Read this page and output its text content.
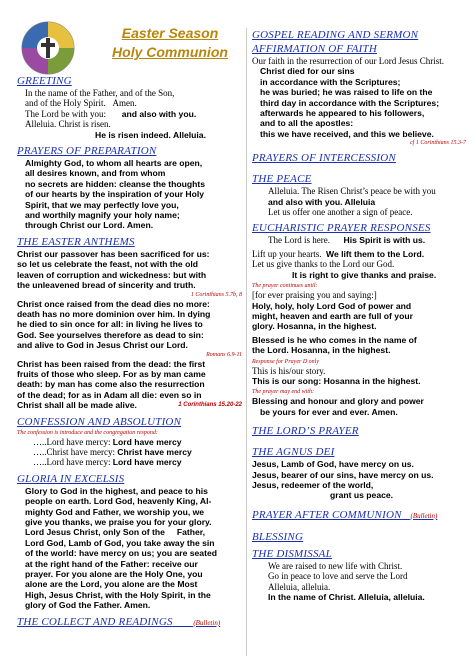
Easter Season
Holy Communion
GREETING
In the name of the Father, and of the Son,
and of the Holy Spirit. Amen.
The Lord be with you: and also with you.
Alleluia. Christ is risen.
He is risen indeed. Alleluia.
PRAYERS OF PREPARATION
Almighty God, to whom all hearts are open,
all desires known, and from whom
no secrets are hidden: cleanse the thoughts
of our hearts by the inspiration of your Holy
Spirit, that we may perfectly love you,
and worthily magnify your holy name;
through Christ our Lord. Amen.
THE EASTER ANTHEMS
Christ our passover has been sacrificed for us:
so let us celebrate the feast, not with the old
leaven of corruption and wickedness: but with
the unleavened bread of sincerity and truth.
1 Corinthians 5.7b, 8
Christ once raised from the dead dies no more:
death has no more dominion over him. In dying
he died to sin once for all: in living he lives to
God. See yourselves therefore as dead to sin:
and alive to God in Jesus Christ our Lord.
Romans 6.9-11
Christ has been raised from the dead: the first
fruits of those who sleep. For as by man came
death: by man has come also the resurrection
of the dead; for as in Adam all die: even so in
Christ shall all be made alive.	1 Corinthians 15.20-22
CONFESSION AND ABSOLUTION
The confession is introduce and the congregation respond:
…..Lord have mercy: Lord have mercy
…..Christ have mercy: Christ have mercy
…..Lord have mercy: Lord have mercy
GLORIA IN EXCELSIS
Glory to God in the highest, and peace to his
people on earth. Lord God, heavenly King, Al-
mighty God and Father, we worship you, we
give you thanks, we praise you for your glory.
Lord Jesus Christ, only Son of the     Father,
Lord God, Lamb of God, you take away the sin
of the world: have mercy on us; you are seated
at the right hand of the Father: receive our
prayer. For you alone are the Holy One, you
alone are the Lord, you alone are the Most
High, Jesus Christ, with the Holy Spirit, in the
glory of God the Father. Amen.
THE COLLECT AND READINGS	(Bulletin)
GOSPEL READING AND SERMON
AFFIRMATION OF FAITH
Our faith in the resurrection of our Lord Jesus Christ.
Christ died for our sins
in accordance with the Scriptures;
he was buried; he was raised to life on the
third day in accordance with the Scriptures;
afterwards he appeared to his followers,
and to all the apostles:
this we have received, and this we believe.
cf 1 Corinthians 15.3-7
PRAYERS OF INTERCESSION
THE PEACE
Alleluia. The Risen Christ’s peace be with you
and also with you. Alleluia
Let us offer one another a sign of peace.
EUCHARISTIC PRAYER RESPONSES
The Lord is here. His Spirit is with us.
Lift up your hearts. We lift them to the Lord.
Let us give thanks to the Lord our God.
It is right to give thanks and praise.
The prayer continues until:
[for ever praising you and saying:]
Holy, holy, holy Lord God of power and
might, heaven and earth are full of your
glory. Hosanna, in the highest.
Blessed is he who comes in the name of
the Lord. Hosanna, in the highest.
Response for Prayer D only
This is his/our story.
This is our song: Hosanna in the highest.
The prayer may end with:
Blessing and honour and glory and power
be yours for ever and ever. Amen.
THE LORD’S PRAYER
THE AGNUS DEI
Jesus, Lamb of God, have mercy on us.
Jesus, bearer of our sins, have mercy on us.
Jesus, redeemer of the world,
grant us peace.
PRAYER AFTER COMMUNION (Bulletin)
BLESSING
THE DISMISSAL
We are raised to new life with Christ.
Go in peace to love and serve the Lord
Alleluia, alleluia.
In the name of Christ. Alleluia, alleluia.
